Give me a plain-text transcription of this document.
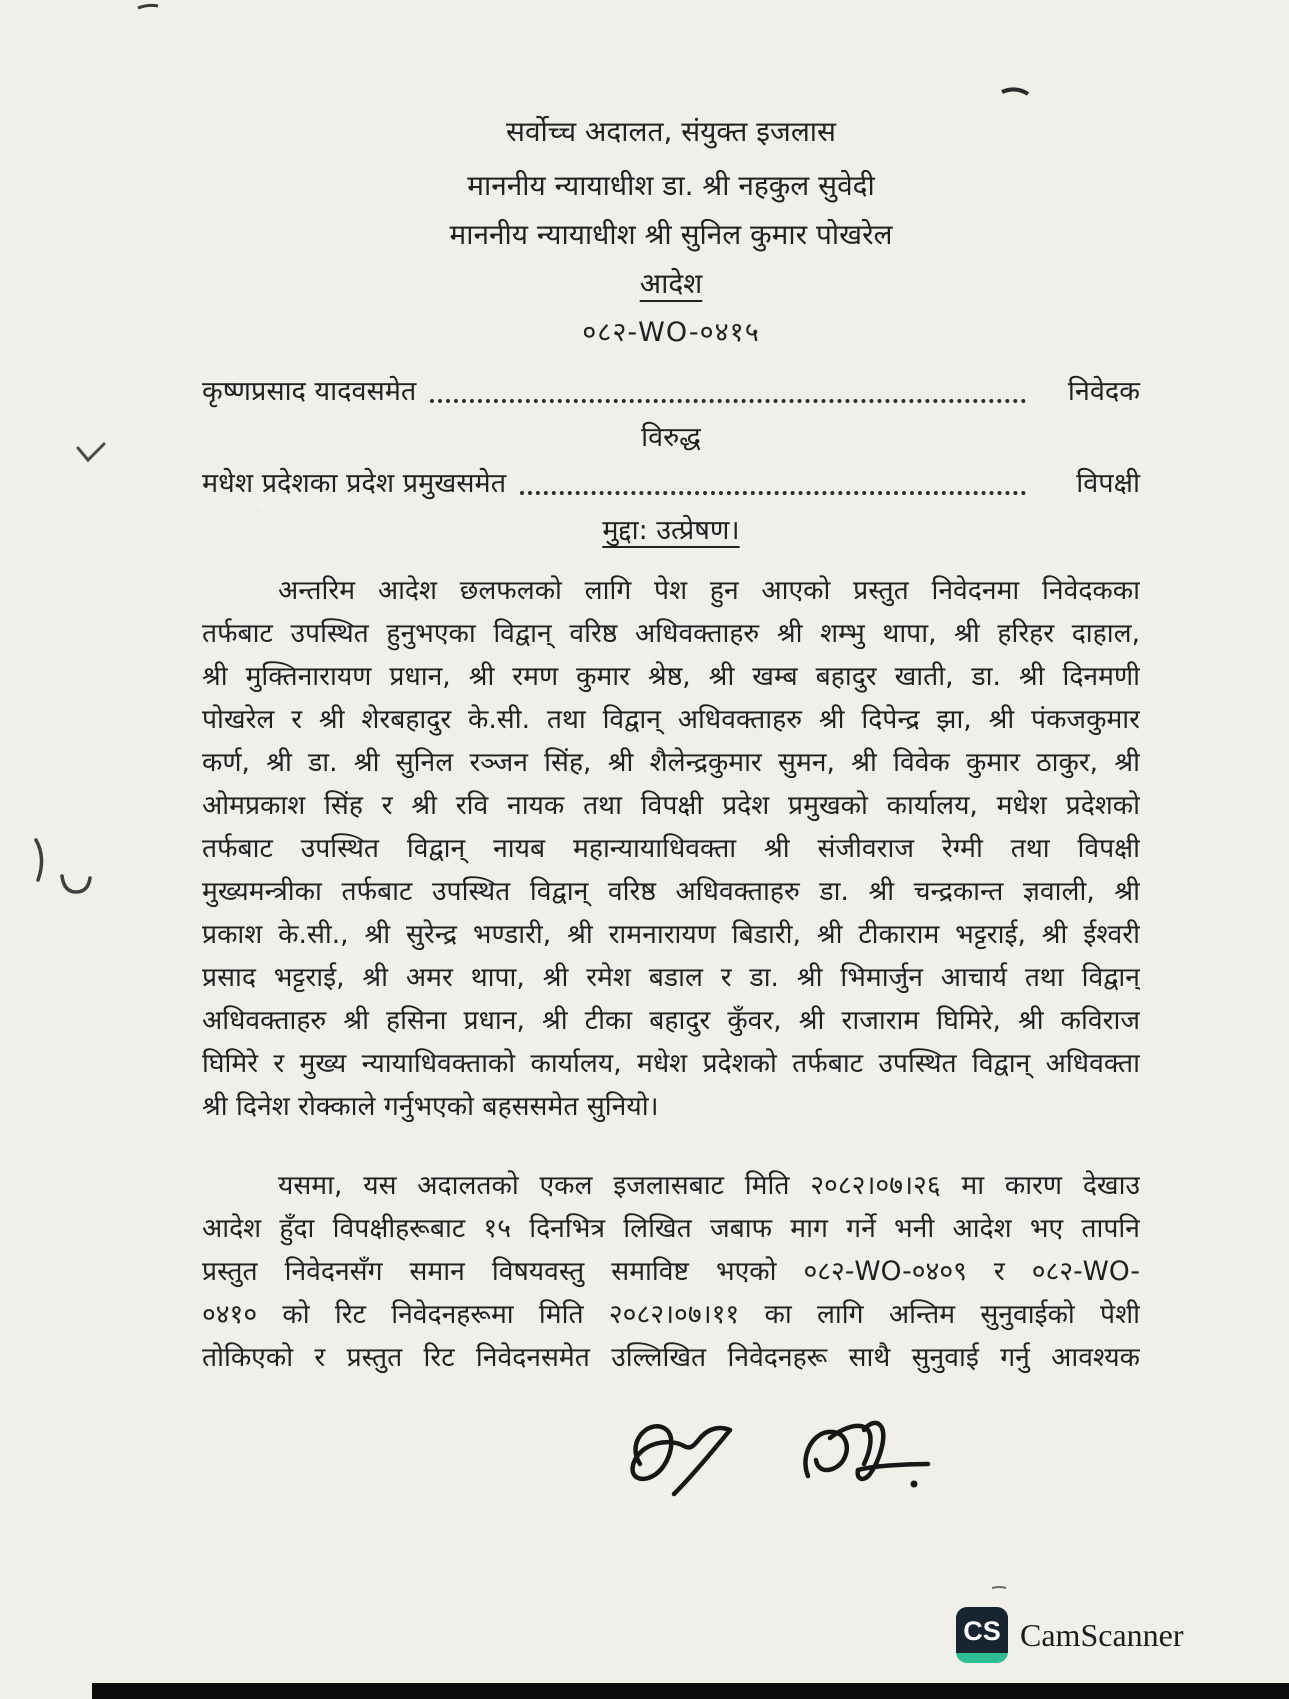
सर्वोच्च अदालत, संयुक्त इजलास
माननीय न्यायाधीश डा. श्री नहकुल सुवेदी
माननीय न्यायाधीश श्री सुनिल कुमार पोखरेल
आदेश
०८२-WO-०४१५
कृष्णप्रसाद यादवसमेत	निवेदक
विरुद्ध
मधेश प्रदेशका प्रदेश प्रमुखसमेत	विपक्षी
मुद्दा: उत्प्रेषण।
अन्तरिम आदेश छलफलको लागि पेश हुन आएको प्रस्तुत निवेदनमा निवेदकका
तर्फबाट उपस्थित हुनुभएका विद्वान् वरिष्ठ अधिवक्ताहरु श्री शम्भु थापा, श्री हरिहर दाहाल,
श्री मुक्तिनारायण प्रधान, श्री रमण कुमार श्रेष्ठ, श्री खम्ब बहादुर खाती, डा. श्री दिनमणी
पोखरेल र श्री शेरबहादुर के.सी. तथा विद्वान् अधिवक्ताहरु श्री दिपेन्द्र झा, श्री पंकजकुमार
कर्ण, श्री डा. श्री सुनिल रञ्जन सिंह, श्री शैलेन्द्रकुमार सुमन, श्री विवेक कुमार ठाकुर, श्री
ओमप्रकाश सिंह र श्री रवि नायक तथा विपक्षी प्रदेश प्रमुखको कार्यालय, मधेश प्रदेशको
तर्फबाट उपस्थित विद्वान् नायब महान्यायाधिवक्ता श्री संजीवराज रेग्मी तथा विपक्षी
मुख्यमन्त्रीका तर्फबाट उपस्थित विद्वान् वरिष्ठ अधिवक्ताहरु डा. श्री चन्द्रकान्त ज्ञवाली, श्री
प्रकाश के.सी., श्री सुरेन्द्र भण्डारी, श्री रामनारायण बिडारी, श्री टीकाराम भट्टराई, श्री ईश्वरी
प्रसाद भट्टराई, श्री अमर थापा, श्री रमेश बडाल र डा. श्री भिमार्जुन आचार्य तथा विद्वान्
अधिवक्ताहरु श्री हसिना प्रधान, श्री टीका बहादुर कुँवर, श्री राजाराम घिमिरे, श्री कविराज
घिमिरे र मुख्य न्यायाधिवक्ताको कार्यालय, मधेश प्रदेशको तर्फबाट उपस्थित विद्वान् अधिवक्ता
श्री दिनेश रोक्काले गर्नुभएको बहससमेत सुनियो।
यसमा, यस अदालतको एकल इजलासबाट मिति २०८२।०७।२६ मा कारण देखाउ
आदेश हुँदा विपक्षीहरूबाट १५ दिनभित्र लिखित जबाफ माग गर्ने भनी आदेश भए तापनि
प्रस्तुत निवेदनसँग समान विषयवस्तु समाविष्ट भएको ०८२-WO-०४०९ र ०८२-WO-
०४१० को रिट निवेदनहरूमा मिति २०८२।०७।११ का लागि अन्तिम सुनुवाईको पेशी
तोकिएको र प्रस्तुत रिट निवेदनसमेत उल्लिखित निवेदनहरू साथै सुनुवाई गर्नु आवश्यक
CS CamScanner
